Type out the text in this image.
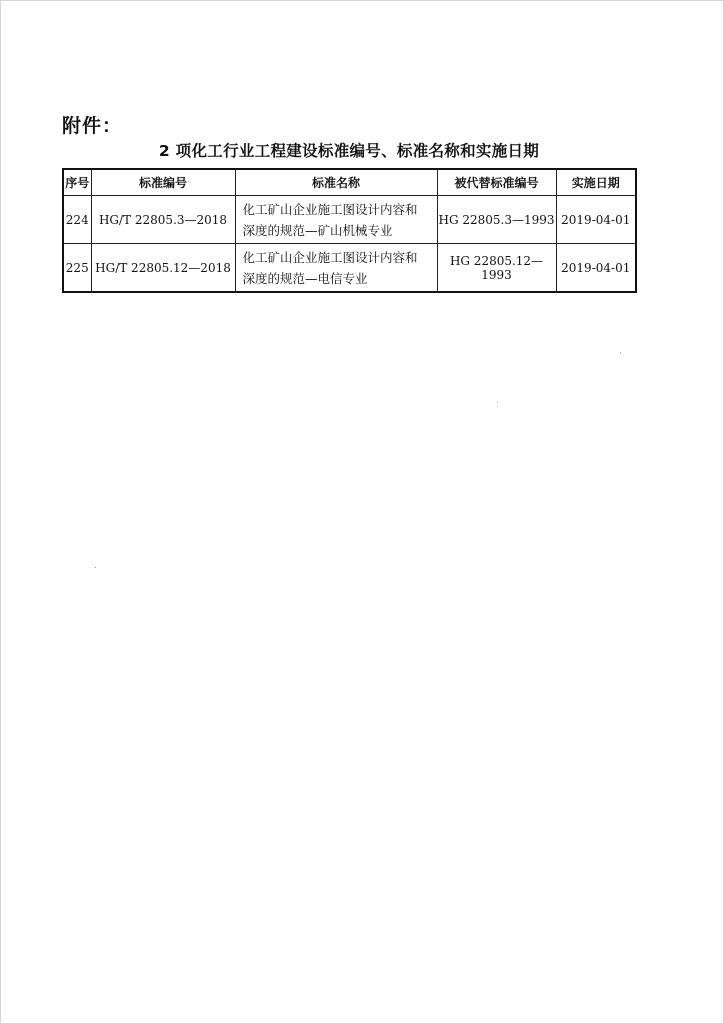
附件：
2 项化工行业工程建设标准编号、标准名称和实施日期
序号	标准编号	标准名称	被代替标准编号	实施日期
224	HG/T 22805.3—2018	化工矿山企业施工图设计内容和
深度的规范—矿山机械专业	HG 22805.3—1993	2019-04-01
225	HG/T 22805.12—2018	化工矿山企业施工图设计内容和
深度的规范—电信专业	HG 22805.12—1993	2019-04-01
